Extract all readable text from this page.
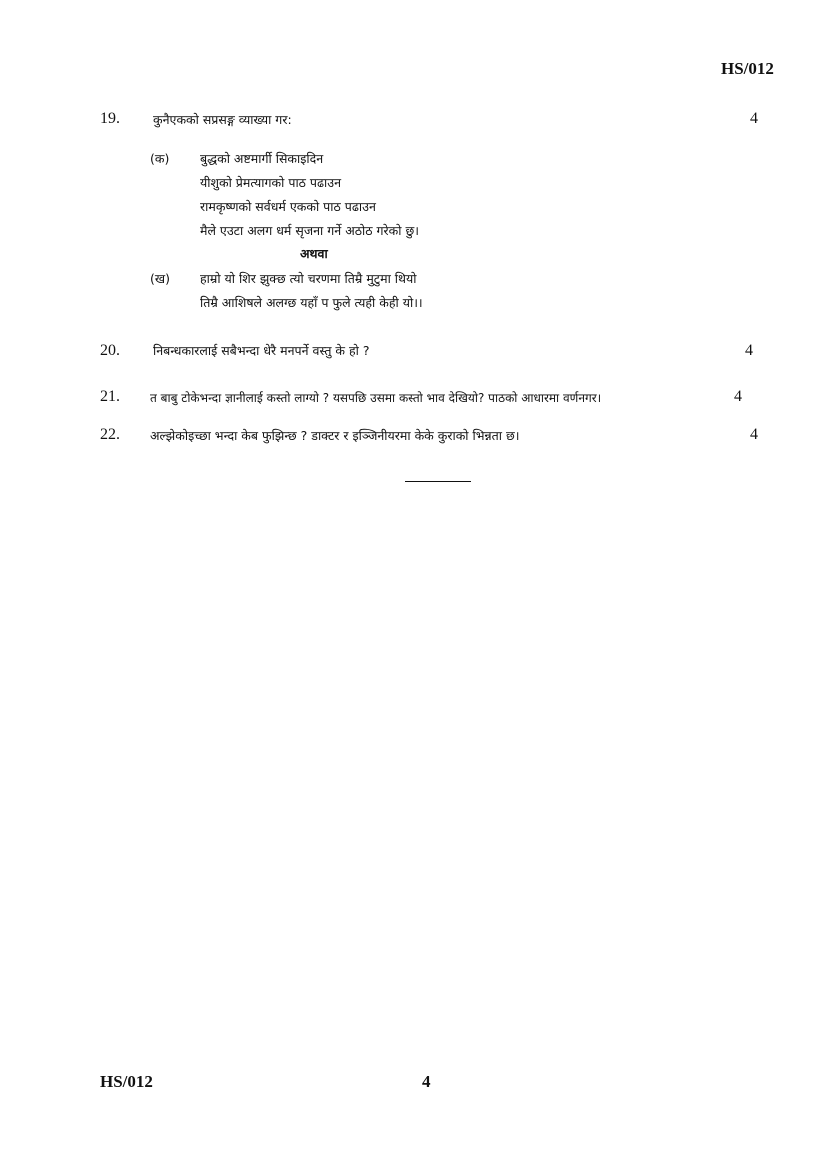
HS/012
19.	कुनैएकको सप्रसङ्ग व्याख्या गर:	4
(क) बुद्धको अष्टमार्गी सिकाइदिन
यीशुको प्रेमत्यागको पाठ पढाउन
रामकृष्णको सर्वधर्म एकको पाठ पढाउन
मैले एउटा अलग धर्म सृजना गर्ने अठोठ गरेको छु।
अथवा
(ख) हाम्रो यो शिर झुक्छ त्यो चरणमा तिम्रै मुटुमा थियो
तिम्रै आशिषले अलग्छ यहाँ प फुले त्यही केही यो।।
20.	निबन्धकारलाई सबैभन्दा धेरै मनपर्ने वस्तु के हो ?	4
21.	त बाबु टोकेभन्दा ज्ञानीलाई कस्तो लाग्यो ? यसपछि उसमा कस्तो भाव देखियो? पाठको आधारमा वर्णनगर।	4
22. अल्झेकोइच्छा भन्दा केब फुझिन्छ ? डाक्टर र इञ्जिनीयरमा केके कुराको भिन्नता छ।	4
HS/012	4
